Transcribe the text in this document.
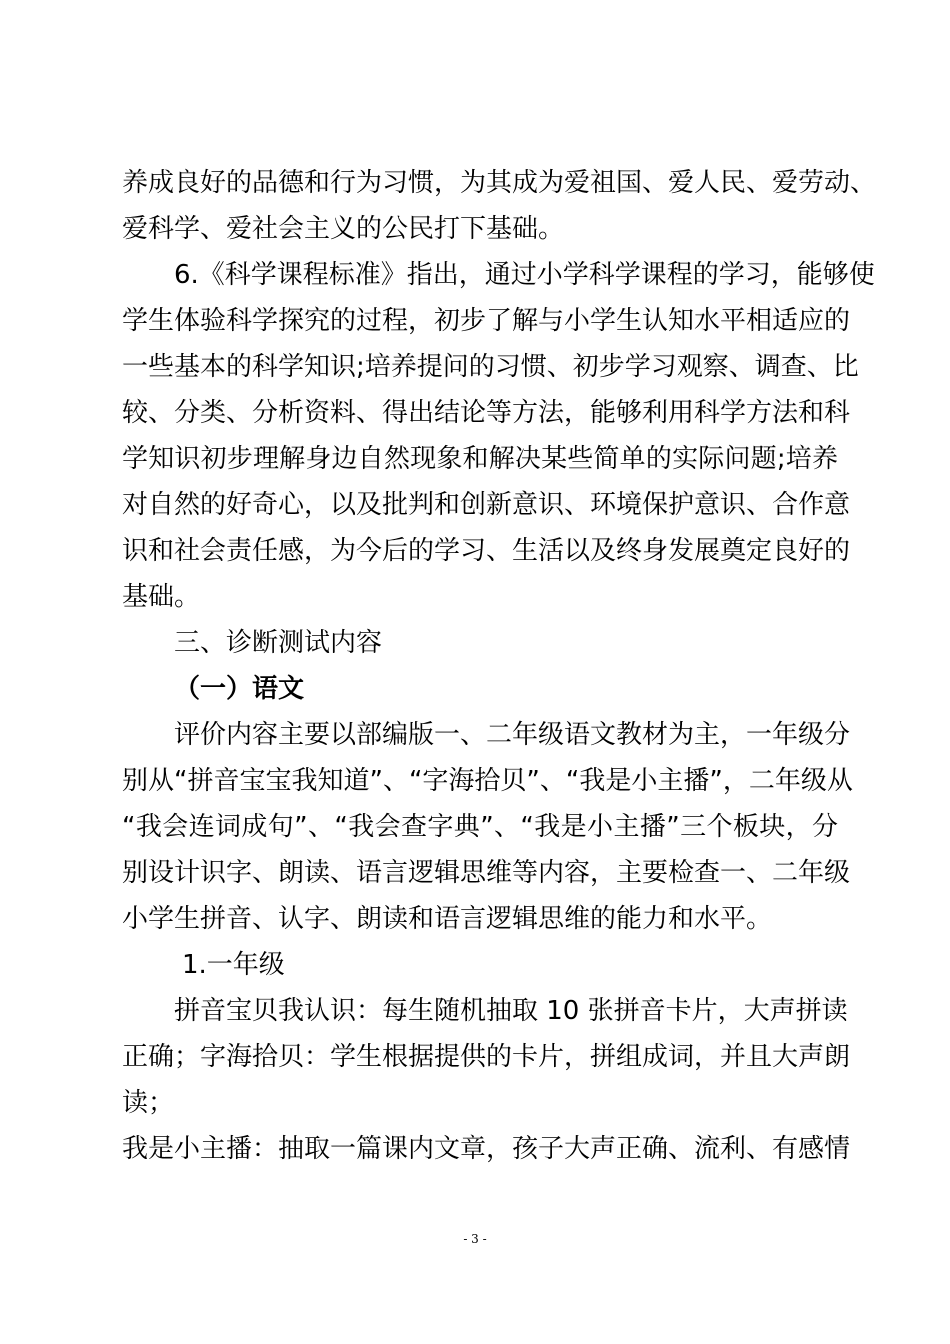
养成良好的品德和行为习惯，为其成为爱祖国、爱人民、爱劳动、
爱科学、爱社会主义的公民打下基础。
6.《科学课程标准》指出，通过小学科学课程的学习，能够使
学生体验科学探究的过程，初步了解与小学生认知水平相适应的
一些基本的科学知识;培养提问的习惯、初步学习观察、调查、比
较、分类、分析资料、得出结论等方法，能够利用科学方法和科
学知识初步理解身边自然现象和解决某些简单的实际问题;培养
对自然的好奇心，以及批判和创新意识、环境保护意识、合作意
识和社会责任感，为今后的学习、生活以及终身发展奠定良好的
基础。
三、诊断测试内容
（一）语文
评价内容主要以部编版一、二年级语文教材为主，一年级分
别从“拼音宝宝我知道”、“字海拾贝”、“我是小主播”，二年级从
“我会连词成句”、“我会查字典”、“我是小主播”三个板块，分
别设计识字、朗读、语言逻辑思维等内容，主要检查一、二年级
小学生拼音、认字、朗读和语言逻辑思维的能力和水平。
1.一年级
拼音宝贝我认识：每生随机抽取 10 张拼音卡片，大声拼读
正确；字海拾贝：学生根据提供的卡片，拼组成词，并且大声朗
读；
我是小主播：抽取一篇课内文章，孩子大声正确、流利、有感情
- 3 -
